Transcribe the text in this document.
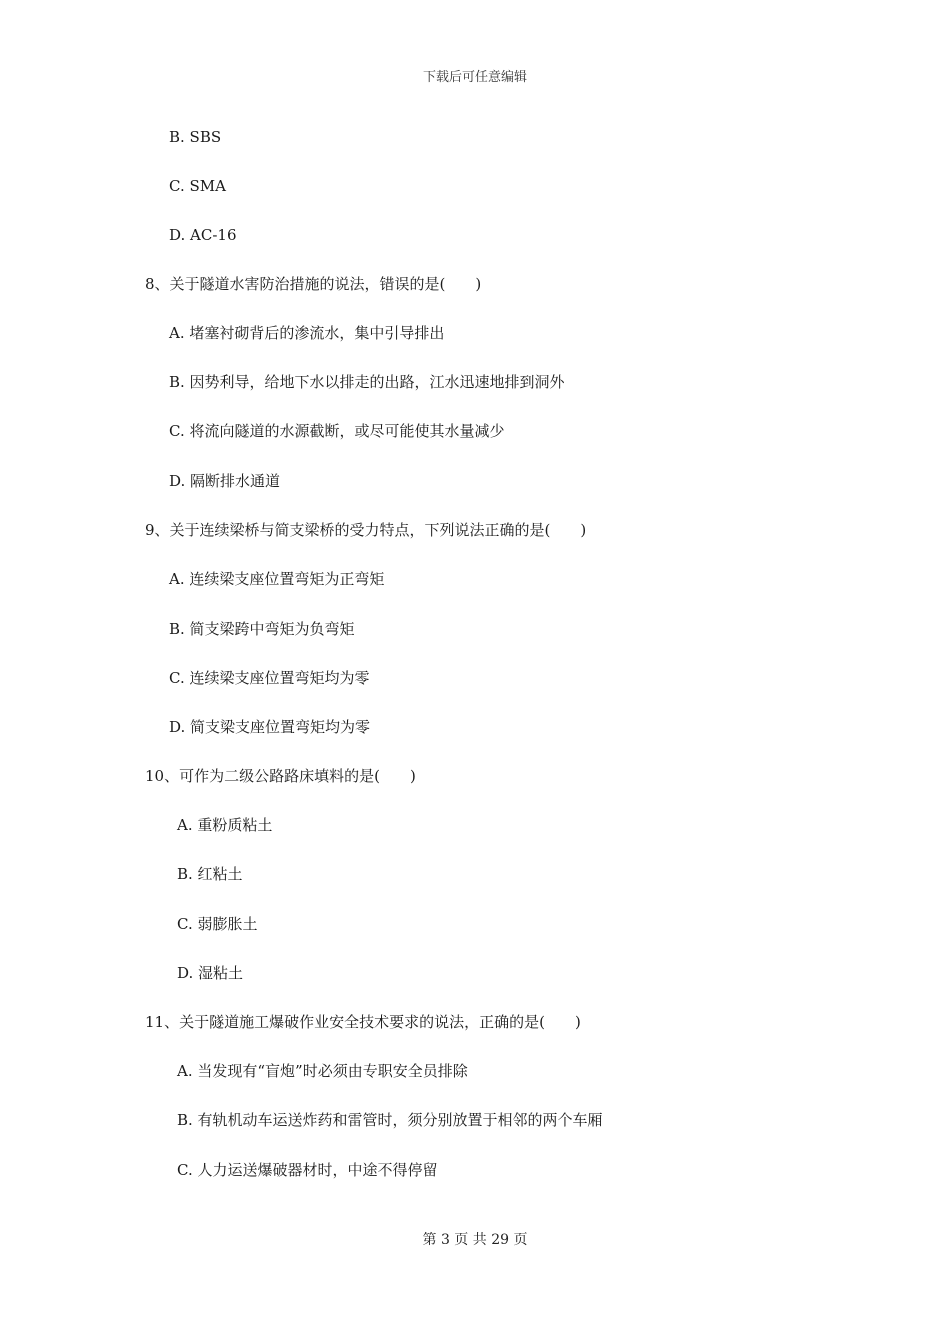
下载后可任意编辑
B. SBS
C. SMA
D. AC-16
8、关于隧道水害防治措施的说法，错误的是(　　)
A. 堵塞衬砌背后的渗流水，集中引导排出
B. 因势利导，给地下水以排走的出路，江水迅速地排到洞外
C. 将流向隧道的水源截断，或尽可能使其水量减少
D. 隔断排水通道
9、关于连续梁桥与简支梁桥的受力特点，下列说法正确的是(　　)
A. 连续梁支座位置弯矩为正弯矩
B. 简支梁跨中弯矩为负弯矩
C. 连续梁支座位置弯矩均为零
D. 简支梁支座位置弯矩均为零
10、可作为二级公路路床填料的是(　　)
A. 重粉质粘土
B. 红粘土
C. 弱膨胀土
D. 湿粘土
11、关于隧道施工爆破作业安全技术要求的说法，正确的是(　　)
A. 当发现有“盲炮”时必须由专职安全员排除
B. 有轨机动车运送炸药和雷管时，须分别放置于相邻的两个车厢
C. 人力运送爆破器材时，中途不得停留
第 3 页 共 29 页
